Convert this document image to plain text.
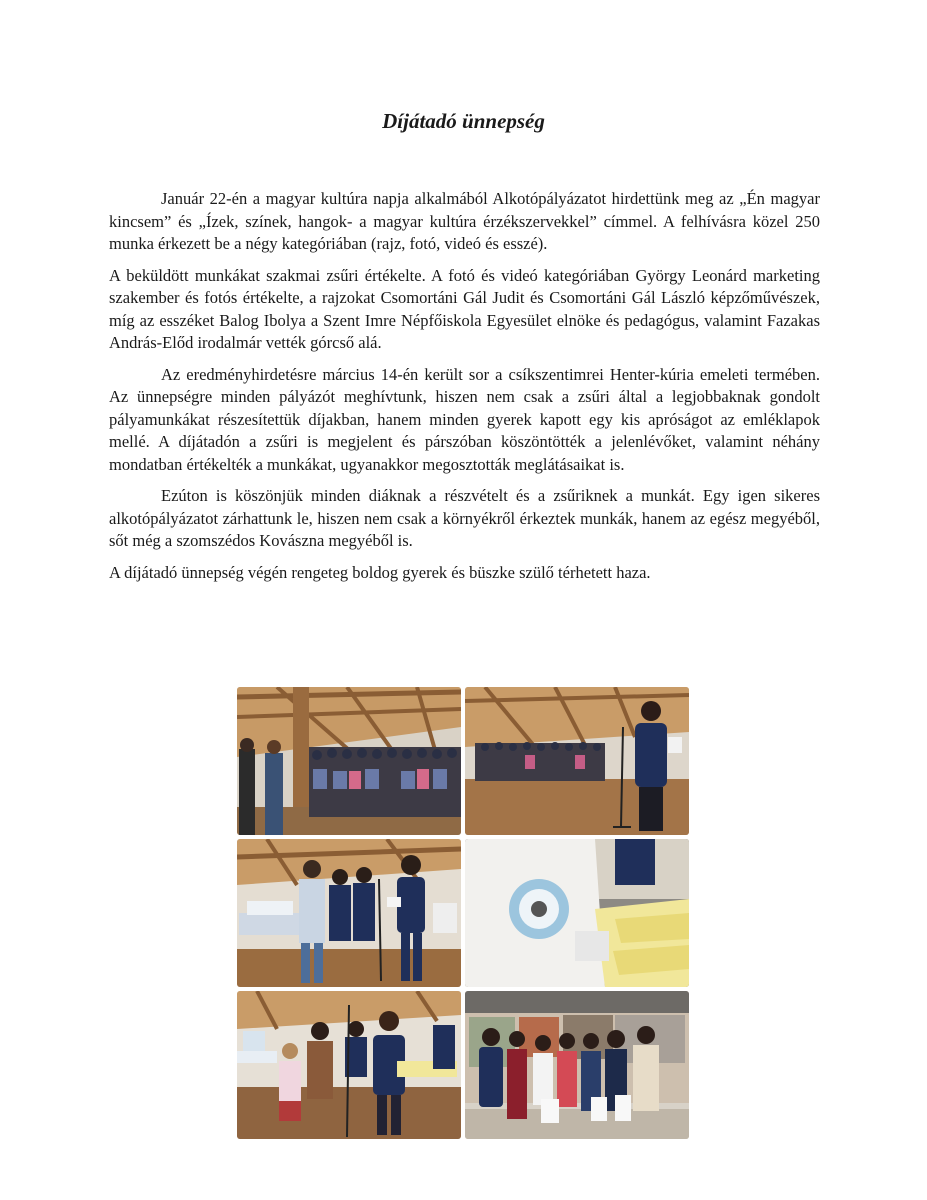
Díjátadó ünnepség

Január 22-én a magyar kultúra napja alkalmából Alkotópályázatot hirdettünk meg az „Én magyar kincsem” és „Ízek, színek, hangok- a magyar kultúra érzékszervekkel” címmel. A felhívásra közel 250 munka érkezett be a négy kategóriában (rajz, fotó, videó és esszé).

A beküldött munkákat szakmai zsűri értékelte. A fotó és videó kategóriában György Leonárd marketing szakember és fotós értékelte, a rajzokat Csomortáni Gál Judit és Csomortáni Gál László képzőművészek, míg az esszéket Balog Ibolya a Szent Imre Népfőiskola Egyesület elnöke és pedagógus, valamint Fazakas András-Előd irodalmár vették górcső alá.

Az eredményhirdetésre március 14-én került sor a csíkszentimrei Henter-kúria emeleti termében. Az ünnepségre minden pályázót meghívtunk, hiszen nem csak a zsűri által a legjobbaknak gondolt pályamunkákat részesítettük díjakban, hanem minden gyerek kapott egy kis apróságot az emléklapok mellé. A díjátadón a zsűri is megjelent és párszóban köszöntötték a jelenlévőket, valamint néhány mondatban értékelték a munkákat, ugyanakkor megosztották meglátásaikat is.

Ezúton is köszönjük minden diáknak a részvételt és a zsűriknek a munkát. Egy igen sikeres alkotópályázatot zárhattunk le, hiszen nem csak a környékről érkeztek munkák, hanem az egész megyéből, sőt még a szomszédos Kovászna megyéből is.

A díjátadó ünnepség végén rengeteg boldog gyerek és büszke szülő térhetett haza.
